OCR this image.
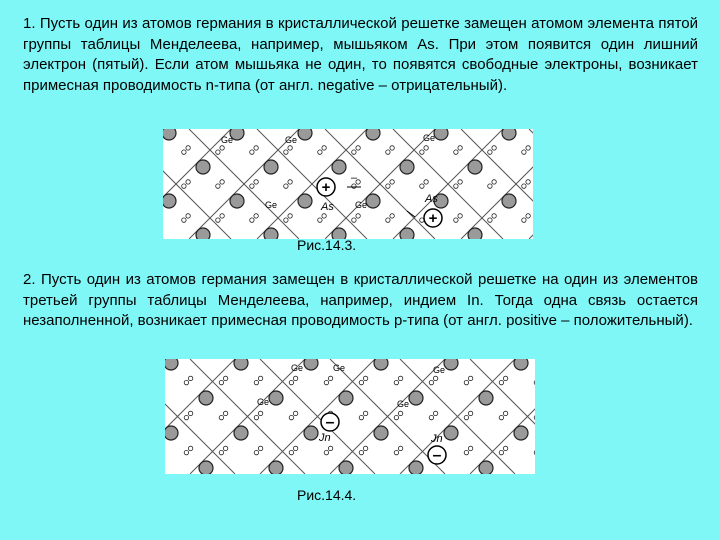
1. Пусть один из атомов германия в кристаллической решетке замещен атомом элемента пятой группы таблицы Менделеева, например, мышьяком As. При этом появится один лишний электрон (пятый). Если атом мышьяка не один, то появятся свободные электроны, возникает примесная проводимость n-типа (от англ. negative – отрицательный).

+
+
As
As
–
Ge	Ge	Ge
Ge	Ge
Рис.14.3.

2. Пусть один из атомов германия замещен в кристаллической решетке на один из элементов третьей группы таблицы Менделеева, например, индием In. Тогда одна связь остается незаполненной, возникает примесная проводимость p-типа (от англ. positive – положительный).

–
–
Jn	Jn
Ge	Ge	Ge
Ge	Ge
Рис.14.4.
